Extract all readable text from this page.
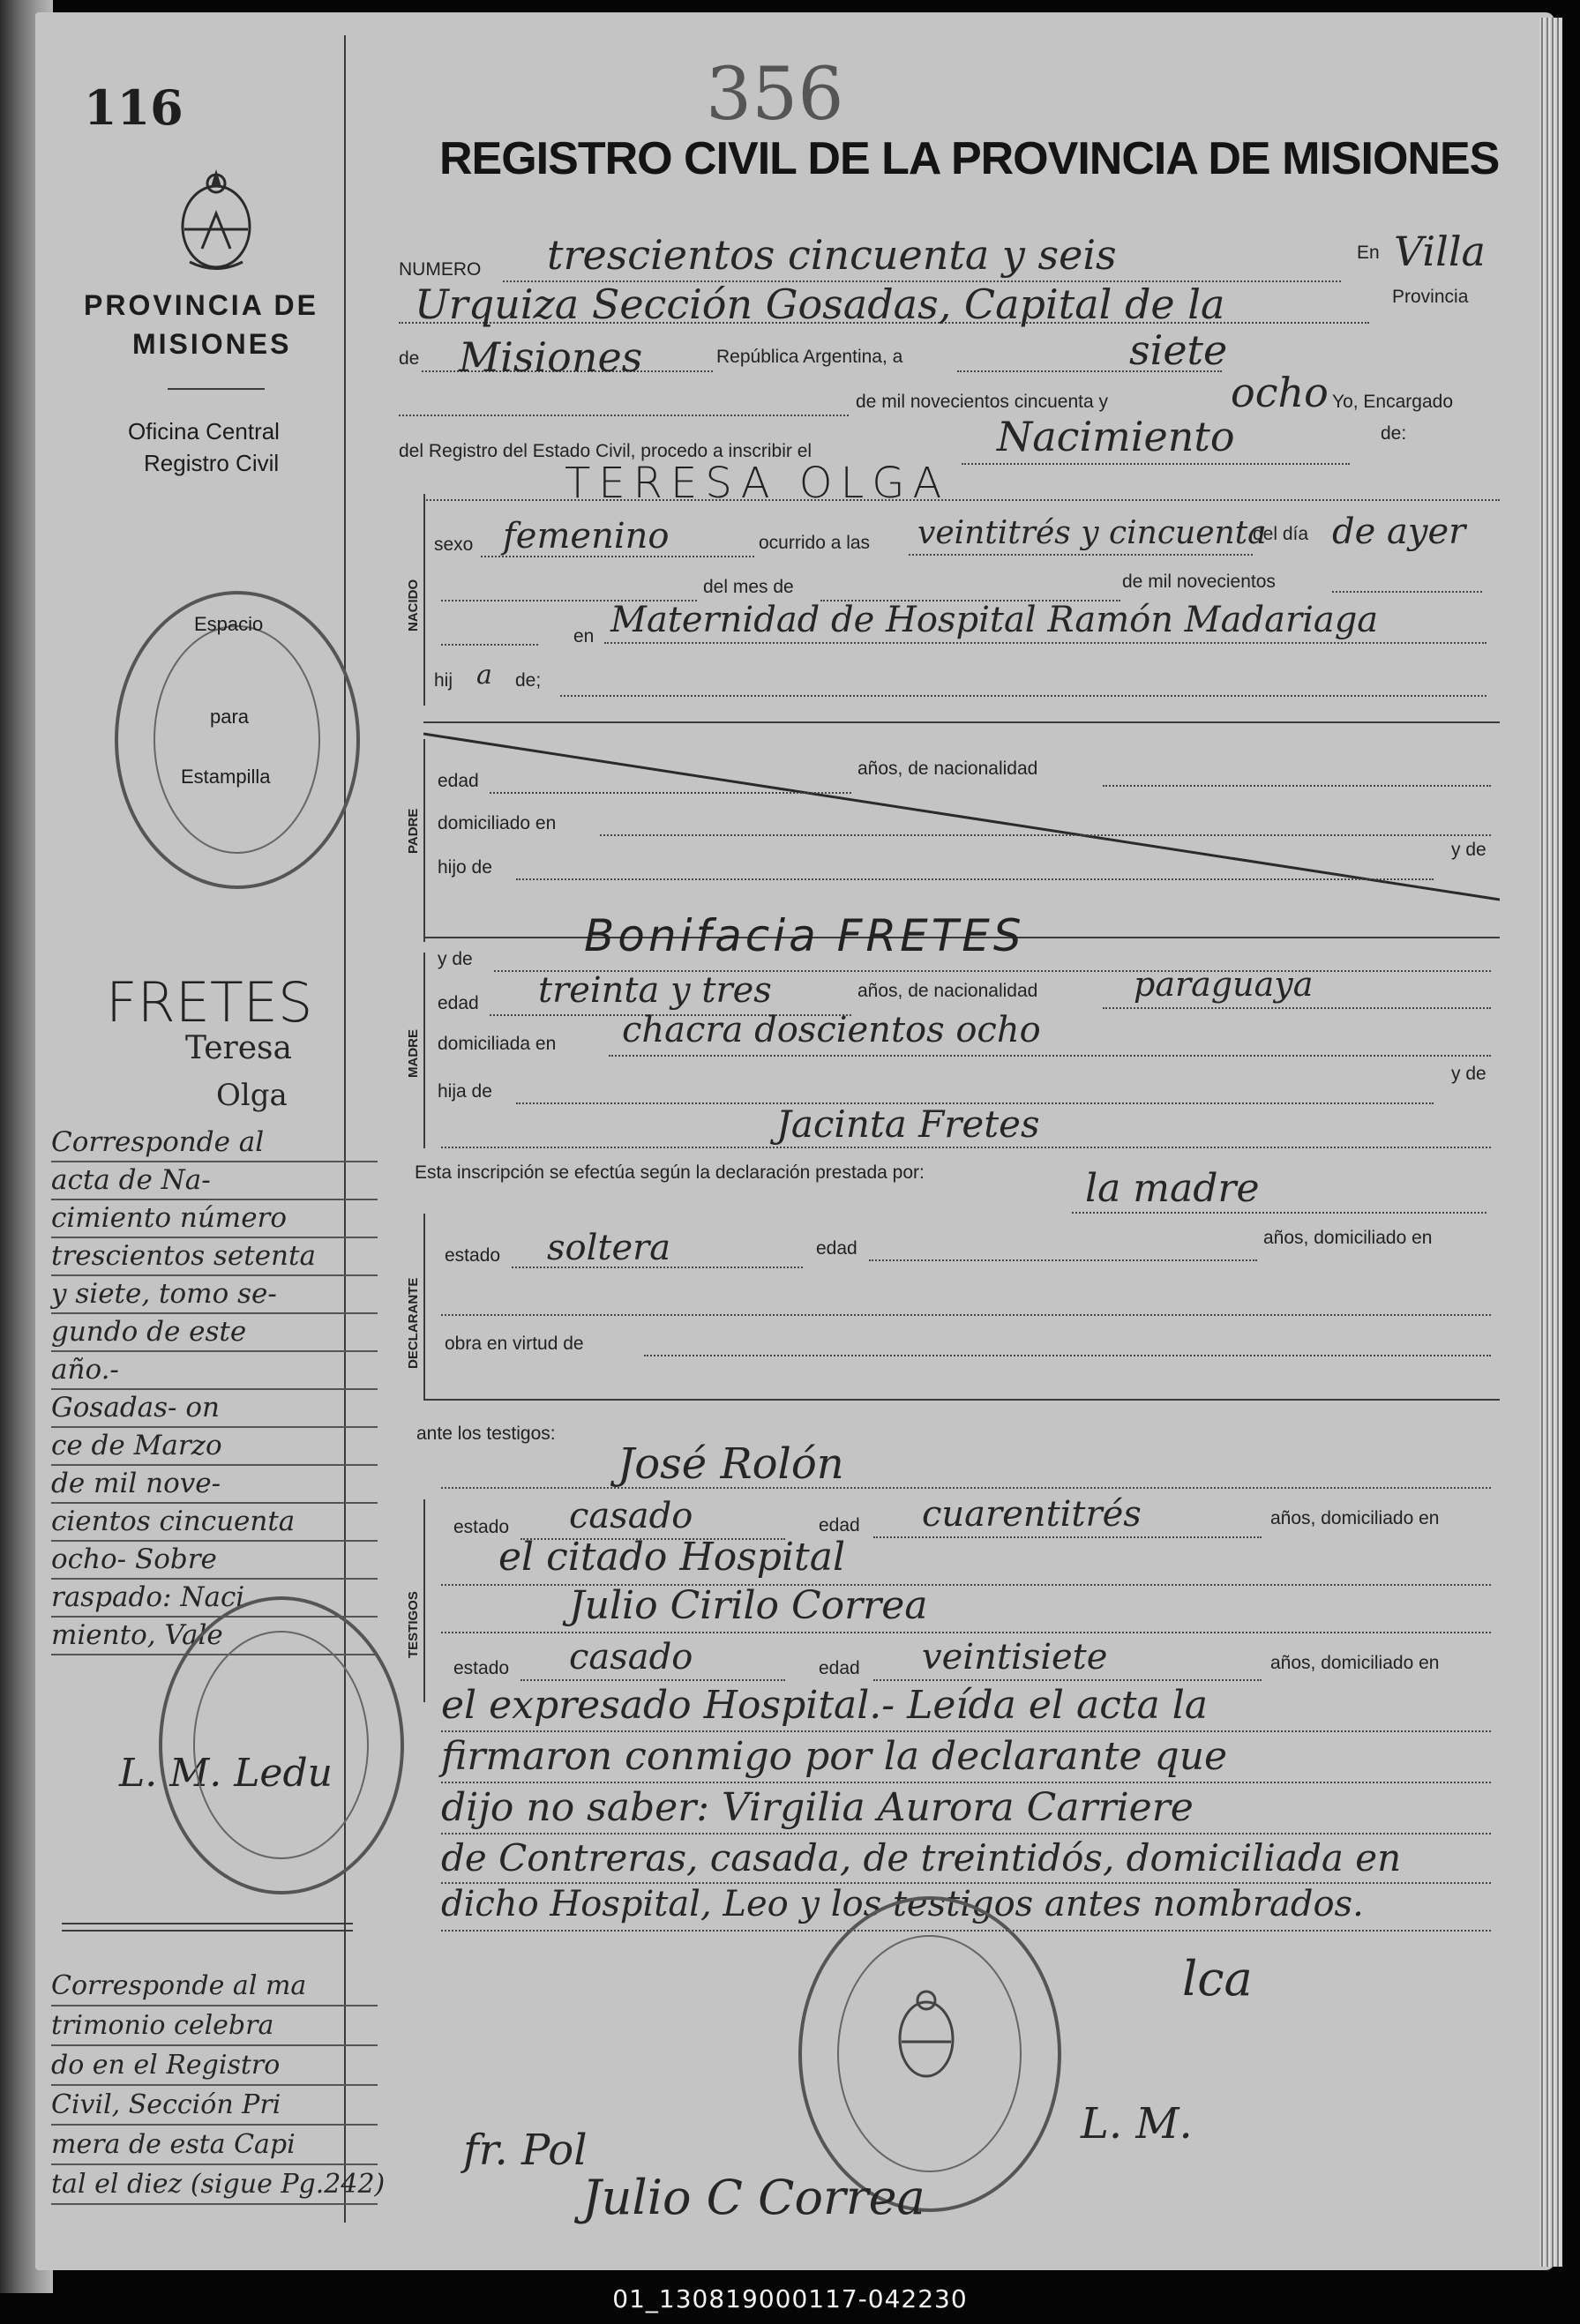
116	356
REGISTRO CIVIL DE LA PROVINCIA DE MISIONES
PROVINCIA DE
MISIONES
Oficina Central
Registro Civil
Espacio
para
Estampilla
FRETES
Teresa
Olga
Corresponde al
acta de Na-
cimiento número
trescientos setenta
y siete, tomo se-
gundo de este
año.-
Gosadas- on
ce de Marzo
de mil nove-
cientos cincuenta
ocho- Sobre
raspado: Naci
miento, Vale
L. M. Ledu
Corresponde al ma
trimonio celebra
do en el Registro
Civil, Sección Pri
mera de esta Capi
tal el diez (sigue Pg.242)
fr. Pol
NUMERO trescientos cincuenta y seis	En Villa
Urquiza Sección Gosadas, Capital de la	Provincia
de Misiones	República Argentina, a	siete
de mil novecientos cincuenta y	ocho Yo, Encargado
del Registro del Estado Civil, procedo a inscribir el	Nacimiento	de:
TERESA OLGA
NACIDO
sexo femenino	ocurrido a las veintitrés y cincuenta
del día de ayer
del mes de	de mil novecientos
en Maternidad de Hospital Ramón Madariaga
hij a de;
PADRE
edad
años, de nacionalidad
domiciliado en
hijo de
y de
MADRE
y de	Bonifacia FRETES
edad treinta y tres	años, de nacionalidad	paraguaya
domiciliada en chacra doscientos ocho
hija de
y de
Jacinta Fretes
Esta inscripción se efectúa según la declaración prestada por:	la madre
DECLARANTE
estado soltera	edad
años, domiciliado en
obra en virtud de
ante los testigos:
José Rolón
TESTIGOS
estado casado	edad cuarentitrés	años, domiciliado en
el citado Hospital
Julio Cirilo Correa
estado casado	edad veintisiete	años, domiciliado en
el expresado Hospital.- Leída el acta la
firmaron conmigo por la declarante que
dijo no saber: Virgilia Aurora Carriere
de Contreras, casada, de treintidós, domiciliada en
dicho Hospital, Leo y los testigos antes nombrados.
lca
L. M.
Julio C Correa
01_130819000117-042230
